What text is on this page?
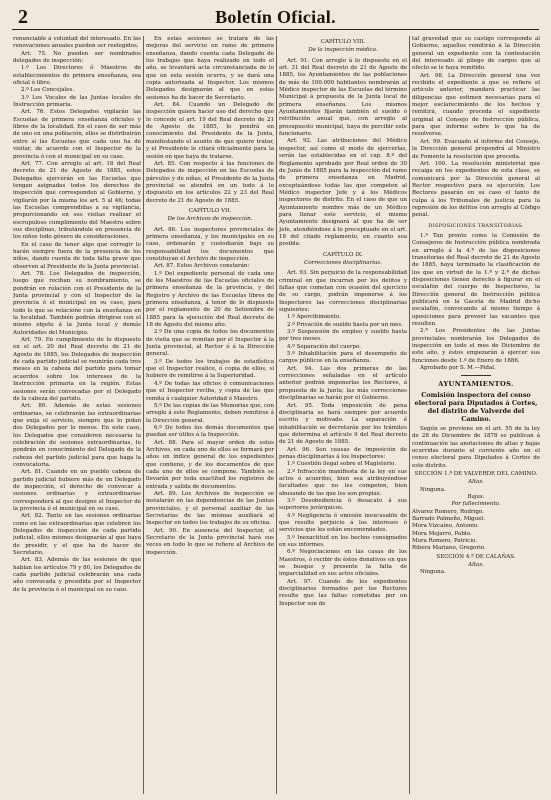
2	Boletín Oficial.

renunciable á voluntad del interesado. En las renovaciones anuales pueden ser reelegidos.

Art. 75. No pueden ser nombrados delegados de inspección:

1.º Los Directores ó Maestros de establecimientos de primera enseñanza, sea oficial ó libre.

2.º Los Concejales.

3.º Los Vocales de las Juntas locales de Instrucción primaria.

Art. 76. Estos Delegados vigilarán las Escuelas de primera enseñanza oficiales y libres de la localidad. En el caso de ser más de uno en una población, ellos se distribuirán entre sí las Escuelas que cada uno ha de visitar, de acuerdo con el Inspector de la provincia ó con el municipal en su caso.

Art. 77. Con arreglo al art. 18 del Real decreto de 21 de Agosto de 1885, estos Delegados ejercerán en las Escuelas que tengan asignadas todos los derechos de inspección que corresponden al Gobierno, y vigilarán por la misma los art. 5 al 46; todas las Escuelas comprendidas a su vigilancia, proporcionando en sus visitas realizar el escrupuloso cumplimiento del Maestro sobre sus disciplinas, tributándole en presencia de los niños todo género de consideraciones.

En el caso de tener algo que corregir lo harán siempre fuera de la presencia de los niños, dando cuenta de toda falta grave que observen al Presidente de la Junta provincial.

Art. 78. Los Delegados de inspección, luego que reciban su nombramiento, se pondrán en relación con el Presidente de la Junta provincial y con el Inspector de la provincia ó el municipal en su caso, para todo lo que se relacione con la enseñanza en la localidad. También podrán dirigirse con el mismo objeto á la Junta local y demás Autoridades del Municipio.

Art. 79. En cumplimiento de lo dispuesto en el art. 20 del Real decreto de 21 de Agosto de 1885, los Delegados de inspección de cada partido judicial se reunirán cada tres meses en la cabeza del partido para tomar acuerdos sobre los intereses de la Instrucción primaria en la región. Estas sesiones serán convocadas por el Delegado de la cabeza del partido.

Art. 80. Además de estas sesiones ordinarias, se celebrarán las extraordinarias que exija el servicio, siempre que lo pidan dos Delegados por lo menos. En este caso, los Delegados que consideren necesaria la celebración de sesiones extraordinarias, lo pondrán en conocimiento del Delegado de la cabeza del partido judicial para que haga la convocatoria.

Art. 81. Cuando en un pueblo cabeza de partido judicial hubiere más de un Delegado de inspección, el derecho de convocar á sesiones ordinarias y extraordinarias corresponderá al que designe el Inspector de la provincia ó el municipal en su caso.

Art. 82. Tanto en las sesiones ordinarias como en las extraordinarias que celebren los Delegados de inspección de cada partido judicial, ellos mismos designarán al que haya de presidir, y el que ha de hacer de Secretario.

Art. 83. Además de las sesiones de que hablan los artículos 79 y 80, los Delegados de cada partido judicial celebrarán una cada año convocada y presidida por el Inspector de la provincia ó el municipal en su caso.

En estas sesiones se tratará de las mejoras del servicio en ramo de primera enseñanza, dando cuenta cada Delegado de los trabajos que haya realizado en todo el año, se levantará acta circunstanciada de lo que en esta sesión ocurra, y se dará una copia autorizada al Inspector. Los mismos Delegados designarán al que en estas sesiones ha de hacer de Secretario.

Art. 84. Cuando un Delegado de inspección quiera hacer uso del derecho que le concede el art. 19 del Real decreto de 21 de Agosto de 1885, lo pondrá en conocimiento del Presidente de la Junta, manifestando el asunto de que quiere tratar, y el Presidente le citará oficialmente para la sesión en que haya de tratarse.

Art. 85. Con respecto á las funciones de Delegados de inspección en las Escuelas de párvulos y de niñas, el Presidente de la Junta provincial se atendrá en un todo á lo dispuesto en los artículos 22 y 23 del Real decreto de 21 de Agosto de 1885.

CAPÍTULO VII.

De los Archivos de inspección.

Art. 86. Los inspectores provinciales de primera enseñanza, y los municipales en su caso, ordenarán y custodiarán bajo su responsabilidad los documentos que constituyan el Archivo de inspección.

Art. 87. Estos Archivos constarán:

1.º Del expediente personal de cada uno de los Maestros de las Escuelas oficiales de primera enseñanza de la provincia, y del Registro y Archivo de las Escuelas libres de primera enseñanza, á tenor de lo dispuesto por el reglamento de 20 de Setiembre de 1885 para la ejecución del Real decreto de 18 de Agosto del mismo año.

2.º De una copia de todos los documentos de visita que se remitan por el Inspector á la Junta provincial, al Rector ó á la Dirección general.

3.º De todos los trabajos de estadística que el Inspector realice, ó copia de ellos, si hubiere de remitirse á la Superioridad.

4.º De todas las oficios ó comunicaciones que el Inspector reciba, y copia de las que remita á cualquier Autoridad ó Maestro.

5.º De las copias de las Memorias que, con arreglo á este Reglamento, deben remitirse á la Dirección general.

6.º De todos los demás documentos que puedan ser útiles á la Inspección.

Art. 88. Para el mayor orden de estos Archivos, en cada uno de ellos se formará por años un índice general de los expedientes que contiene, y de los documentos de que cada uno de ellos se compone. También se llevarán por toda exactitud los registros de entrada y salida de documentos.

Art. 89. Los Archivos de inspección se instalarán en las dependencias de las Juntas provinciales, y el personal auxiliar de las Secretarías de las mismas auxiliará al Inspector en todos los trabajos de su oficina.

Art. 90. En ausencia del Inspector, el Secretario de la Junta provincial hará sus veces en todo lo que se refiere al Archivo de inspección.

CAPÍTULO VIII.

De la inspección médica.

Art. 91. Con arreglo á lo dispuesto en el art. 31 del Real decreto de 21 de Agosto de 1885, los Ayuntamientos de las poblaciones de más de 100.000 habitantes nombrarán al Médico inspector de las Escuelas del término Municipal á propuesta de la Junta local de primera enseñanza. Los mismos Ayuntamientos fijarán también el sueldo ó retribución anual que, con arreglo al presupuesto municipal, haya de percibir este funcionario.

Art. 92. Las atribuciones del Médico inspector, así como el modo de ejercerlas, serán las establecidas en el cap. 8.º del Reglamento aprobado por Real orden de 30 de Junio de 1885 para la inspección del ramo de primera enseñanza en Madrid, exceptuándose todas las que competen al Médico inspector Jefe y á los Médicos inspectores de distrito. En el caso de que un Ayuntamiento nombre más de un Médico para llenar este servicio, el mismo Ayuntamiento designará al que ha de ser Jefe, atendiéndose á lo preceptuado en el art. 18 del citado reglamento, en cuanto sea posible.

CAPÍTULO IX.

Correcciones disciplinarias.

Art. 93. Sin perjuicio de la responsabilidad criminal en que incurran por los delitos y faltas que cometan con ocasión del ejercicio de su cargo, podrán imponerse á los Inspectores las correcciones disciplinarias siguientes:

1.º Apercibimiento.

2.º Privación de sueldo hasta por un mes.

3.º Suspensión de empleo y sueldo hasta por tres meses.

4.º Separación del cuerpo.

5.º Inhabilitación para el desempeño de cargos públicos en la enseñanza.

Art. 94. Las dos primeras de las correcciones señaladas en el artículo anterior podrán imponerlas los Rectores, á propuesta de la Junta; las más correcciones disciplinarias se harán por el Gobierno.

Art. 95. Toda imposición de pena disciplinaria se hará siempre por acuerdo escrito y motivado. La separación é inhabilitación se decretarán por los trámites que determina el artículo 9 del Real decreto de 21 de Agosto de 1885.

Art. 96. Son causas de imposición de penas disciplinarias á los Inspectores:

1.º Cuestión ilegal sobre el Magisterio.

2.º Infracción manifiesta de la ley en sus actos ó acuerdos, bien sea atribuyéndose facultades que no les competen, bien abusando de las que les son propias.

3.º Desobediencia ó desacato á sus superiores jerárquicos.

4.º Negligencia ó omisión inexcusable de que resulte perjuicio á los intereses ó servicios que les están encomendados.

5.º Inexactitud en los hechos consignados en sus informes.

6.º Negociaciones en las casas de los Maestros, ó recibir de éstos donativos en que se busque y presente la falta de imparcialidad en sus actos oficiales.

Art. 97. Cuando de los expedientes disciplinarios formados por los Rectores resulte que las faltas cometidas por un Inspector son de

tal gravedad que su castigo corresponde al Gobierno, aquellos remitirán á la Dirección general un expediente con la contestación del interesado al pliego de cargos que al efecto se le haya remitido.

Art. 98. La Dirección general una vez recibido el expediente á que se refiere el artículo anterior, mandará practicar las diligencias que estimen necesarias para el mejor esclarecimiento de los hechos y remitirá, cuando proceda el expediente original al Consejo de Instrucción pública, para que informe sobre lo que ha de resolverse.

Art. 99. Evacuado el informe del Consejo, la Dirección general propondrá al Ministro de Fomento la resolución que proceda.

Art. 100. La resolución ministerial que recaiga en los expedientes de esta clase, se comunicará por la Dirección general al Rector respectivo para su ejecución. Los Rectores pasarán en su caso el tanto de culpa á los Tribunales de justicia para la represión de los delitos con arreglo al Código penal.

DISPOSICIONES TRANSITORIAS.

1.ª Tan pronto como la Comisión de Consejeros de Instrucción pública nombrada en arreglo á la 4.ª de las disposiciones transitorias del Real decreto de 21 de Agosto de 1885, haya terminado la clasificación de los que en virtud de la 1.ª y 2.ª de dichas disposiciones tienen derecho á figurar en el escalafón del cuerpo de Inspectores, la Dirección general de Instrucción pública publicará en la Gaceta de Madrid dicho escalafón, convocando al mismo tiempo á oposiciones para proveer las vacantes que resulten.

2.ª Los Presidentes de las Juntas provinciales nombrarán los Delegados de inspección en todo el mes de Diciembre de este año, y éstos empezarán á ejercer sus funciones desde 1.º de Enero de 1886.

Aprobado por S. M.—Pidal.

AYUNTAMIENTOS.

Comisión inspectora del censo electoral para Diputados á Cortes, del distrito de Valverde del Camino.

Según se previene en el art. 55 de la ley de 28 de Diciembre de 1878 se publican á continuación las anotaciones de altas y bajas ocurridas durante el corriente año en el censo electoral para Diputados á Cortes de este distrito.

SECCIÓN 1.ª DE VALVERDE DEL CAMINO.

Altas.

Ninguna.

Bajas.

Por fallecimiento.

Alvarez Romero, Rodrigo.

Barrado Palmeño, Miguel.

Mora Vizcaíno, Antonio.

Mora Mojarro, Pablo.

Mora Romero, Patricio.

Ribera Mariano, Gregorio.

SECCIÓN 4.ª DE CALAÑAS.

Altas.

Ninguna.
